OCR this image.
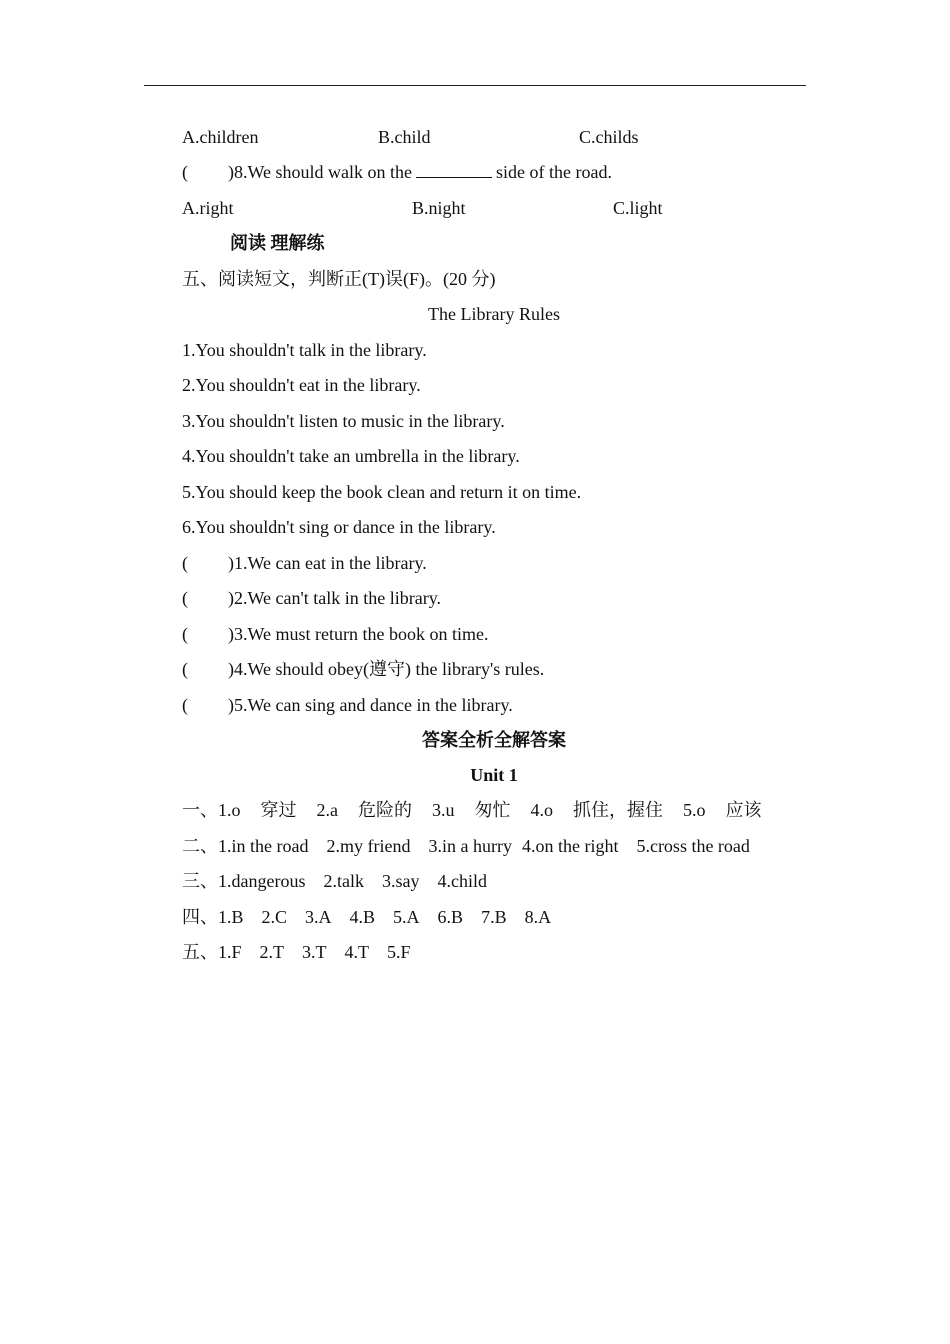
A.children	B.child	C.childs
( )8.We should walk on the	side of the road.
A.right	B.night	C.light
阅读 理解练
五、阅读短文，判断正(T)误(F)。(20 分)
The Library Rules
1.You shouldn't talk in the library.
2.You shouldn't eat in the library.
3.You shouldn't listen to music in the library.
4.You shouldn't take an umbrella in the library.
5.You should keep the book clean and return it on time.
6.You shouldn't sing or dance in the library.
( )1.We can eat in the library.
( )2.We can't talk in the library.
( )3.We must return the book on time.
( )4.We should obey(遵守) the library's rules.
( )5.We can sing and dance in the library.
答案全析全解答案
Unit 1
一、1.o 穿过 2.a 危险的 3.u 匆忙 4.o 抓住，握住 5.o 应该
二、1.in the road 2.my friend 3.in a hurry 4.on the right 5.cross the road
三、1.dangerous 2.talk 3.say 4.child
四、1.B 2.C 3.A 4.B 5.A 6.B 7.B 8.A
五、1.F 2.T 3.T 4.T 5.F
